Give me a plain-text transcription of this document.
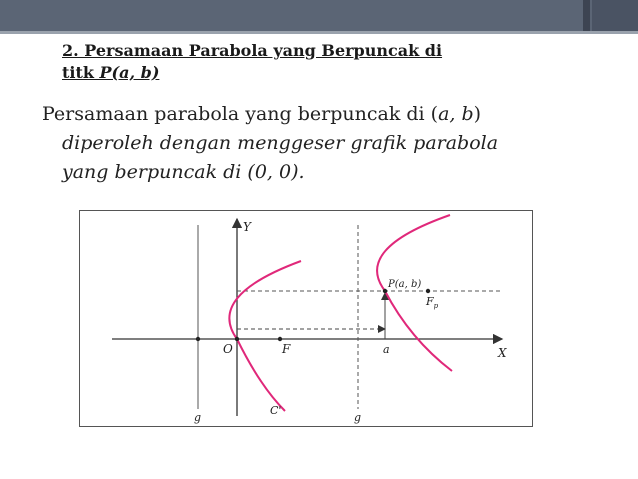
2. Persamaan Parabola yang Berpuncak di
titk P(a, b)
Persamaan parabola yang berpuncak di (a, b)
diperoleh dengan menggeser grafik parabola
yang berpuncak di (0, 0).
Y
X
O	F
C'
g	g
P(a, b)
$F_p$
a
